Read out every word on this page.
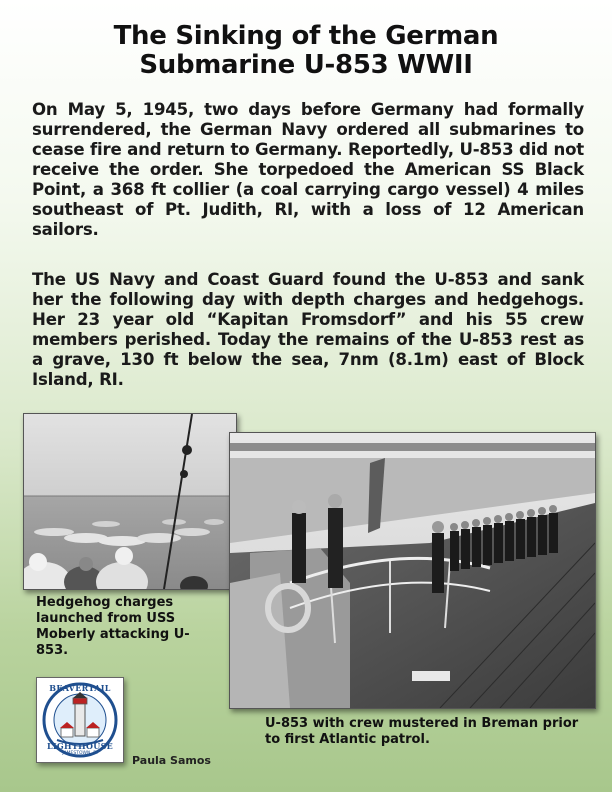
The Sinking of the German
Submarine U-853 WWII
On May 5, 1945, two days before Germany had formally surrendered, the German Navy ordered all submarines to cease fire and return to Germany. Reportedly, U-853 did not receive the order. She torpedoed the American SS Black Point, a 368 ft collier (a coal carrying cargo vessel) 4 miles southeast of Pt. Judith, RI, with a loss of 12 American sailors.
The US Navy and Coast Guard found the U-853 and sank her the following day with depth charges and hedgehogs. Her 23 year old “Kapitan Fromsdorf” and his 55 crew members perished. Today the remains of the U-853 rest as a grave, 130 ft below the sea, 7nm (8.1m) east of Block Island, RI.
Hedgehog charges launched from USS Moberly attacking U-853.
U-853 with crew mustered in Breman prior to first Atlantic patrol.
BEAVERTAIL
LIGHTHOUSE
JAMESTOWN, RI
Paula Samos
